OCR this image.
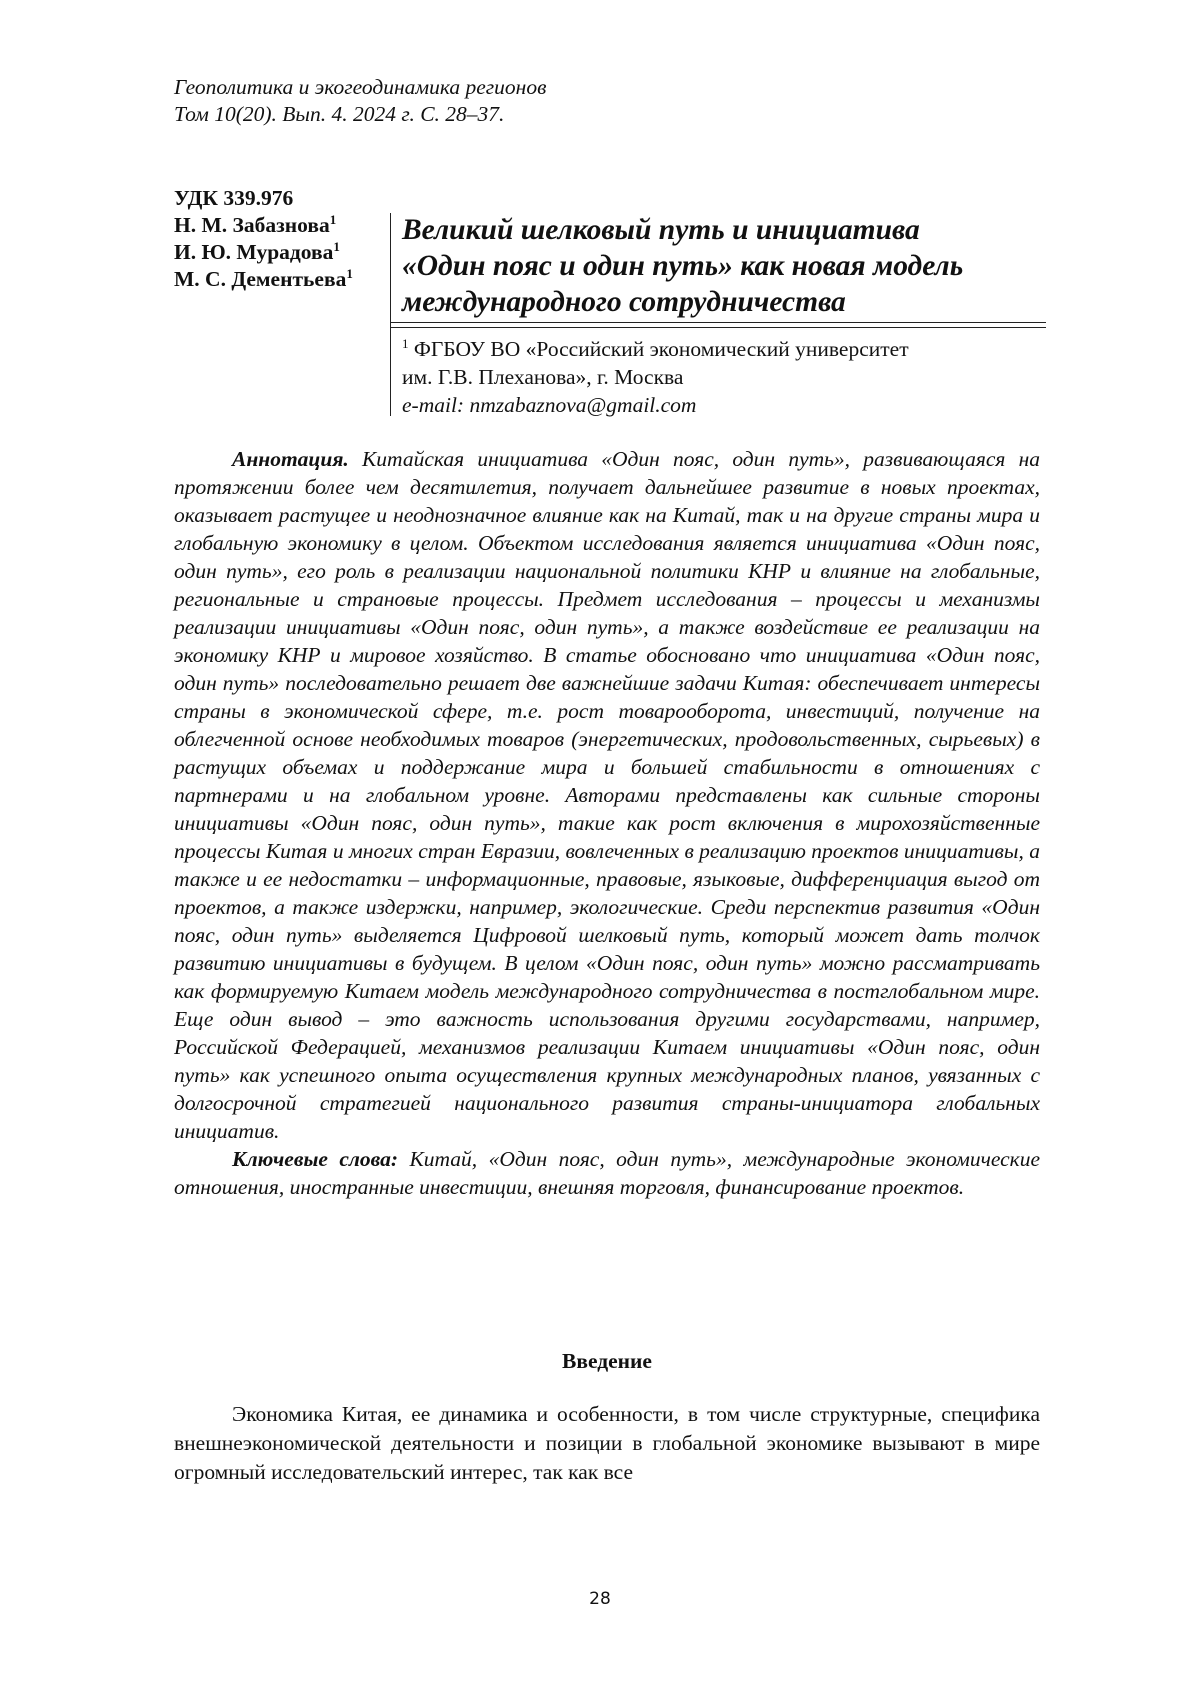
Геополитика и экогеодинамика регионов
Том 10(20). Вып. 4. 2024 г. С. 28–37.
УДК 339.976
Н. М. Забазнова$^1$
И. Ю. Мурадова$^1$
М. С. Дементьева$^1$
Великий шелковый путь и инициатива
«Один пояс и один путь» как новая модель
международного сотрудничества
$^1$ ФГБОУ ВО «Российский экономический университет
им. Г.В. Плеханова», г. Москва
e-mail: nmzabaznova@gmail.com

Аннотация. Китайская инициатива «Один пояс, один путь», развивающаяся на протяжении более чем десятилетия, получает дальнейшее развитие в новых проектах, оказывает растущее и неоднозначное влияние как на Китай, так и на другие страны мира и глобальную экономику в целом. Объектом исследования является инициатива «Один пояс, один путь», его роль в реализации национальной политики КНР и влияние на глобальные, региональные и страновые процессы. Предмет исследования – процессы и механизмы реализации инициативы «Один пояс, один путь», а также воздействие ее реализации на экономику КНР и мировое хозяйство. В статье обосновано что инициатива «Один пояс, один путь» последовательно решает две важнейшие задачи Китая: обеспечивает интересы страны в экономической сфере, т.е. рост товарооборота, инвестиций, получение на облегченной основе необходимых товаров (энергетических, продовольственных, сырьевых) в растущих объемах и поддержание мира и большей стабильности в отношениях с партнерами и на глобальном уровне. Авторами представлены как сильные стороны инициативы «Один пояс, один путь», такие как рост включения в мирохозяйственные процессы Китая и многих стран Евразии, вовлеченных в реализацию проектов инициативы, а также и ее недостатки – информационные, правовые, языковые, дифференциация выгод от проектов, а также издержки, например, экологические. Среди перспектив развития «Один пояс, один путь» выделяется Цифровой шелковый путь, который может дать толчок развитию инициативы в будущем. В целом «Один пояс, один путь» можно рассматривать как формируемую Китаем модель международного сотрудничества в постглобальном мире. Еще один вывод – это важность использования другими государствами, например, Российской Федерацией, механизмов реализации Китаем инициативы «Один пояс, один путь» как успешного опыта осуществления крупных международных планов, увязанных с долгосрочной стратегией национального развития страны-инициатора глобальных инициатив.

Ключевые слова: Китай, «Один пояс, один путь», международные экономические отношения, иностранные инвестиции, внешняя торговля, финансирование проектов.

Введение

Экономика Китая, ее динамика и особенности, в том числе структурные, специфика внешнеэкономической деятельности и позиции в глобальной экономике вызывают в мире огромный исследовательский интерес, так как все

28
